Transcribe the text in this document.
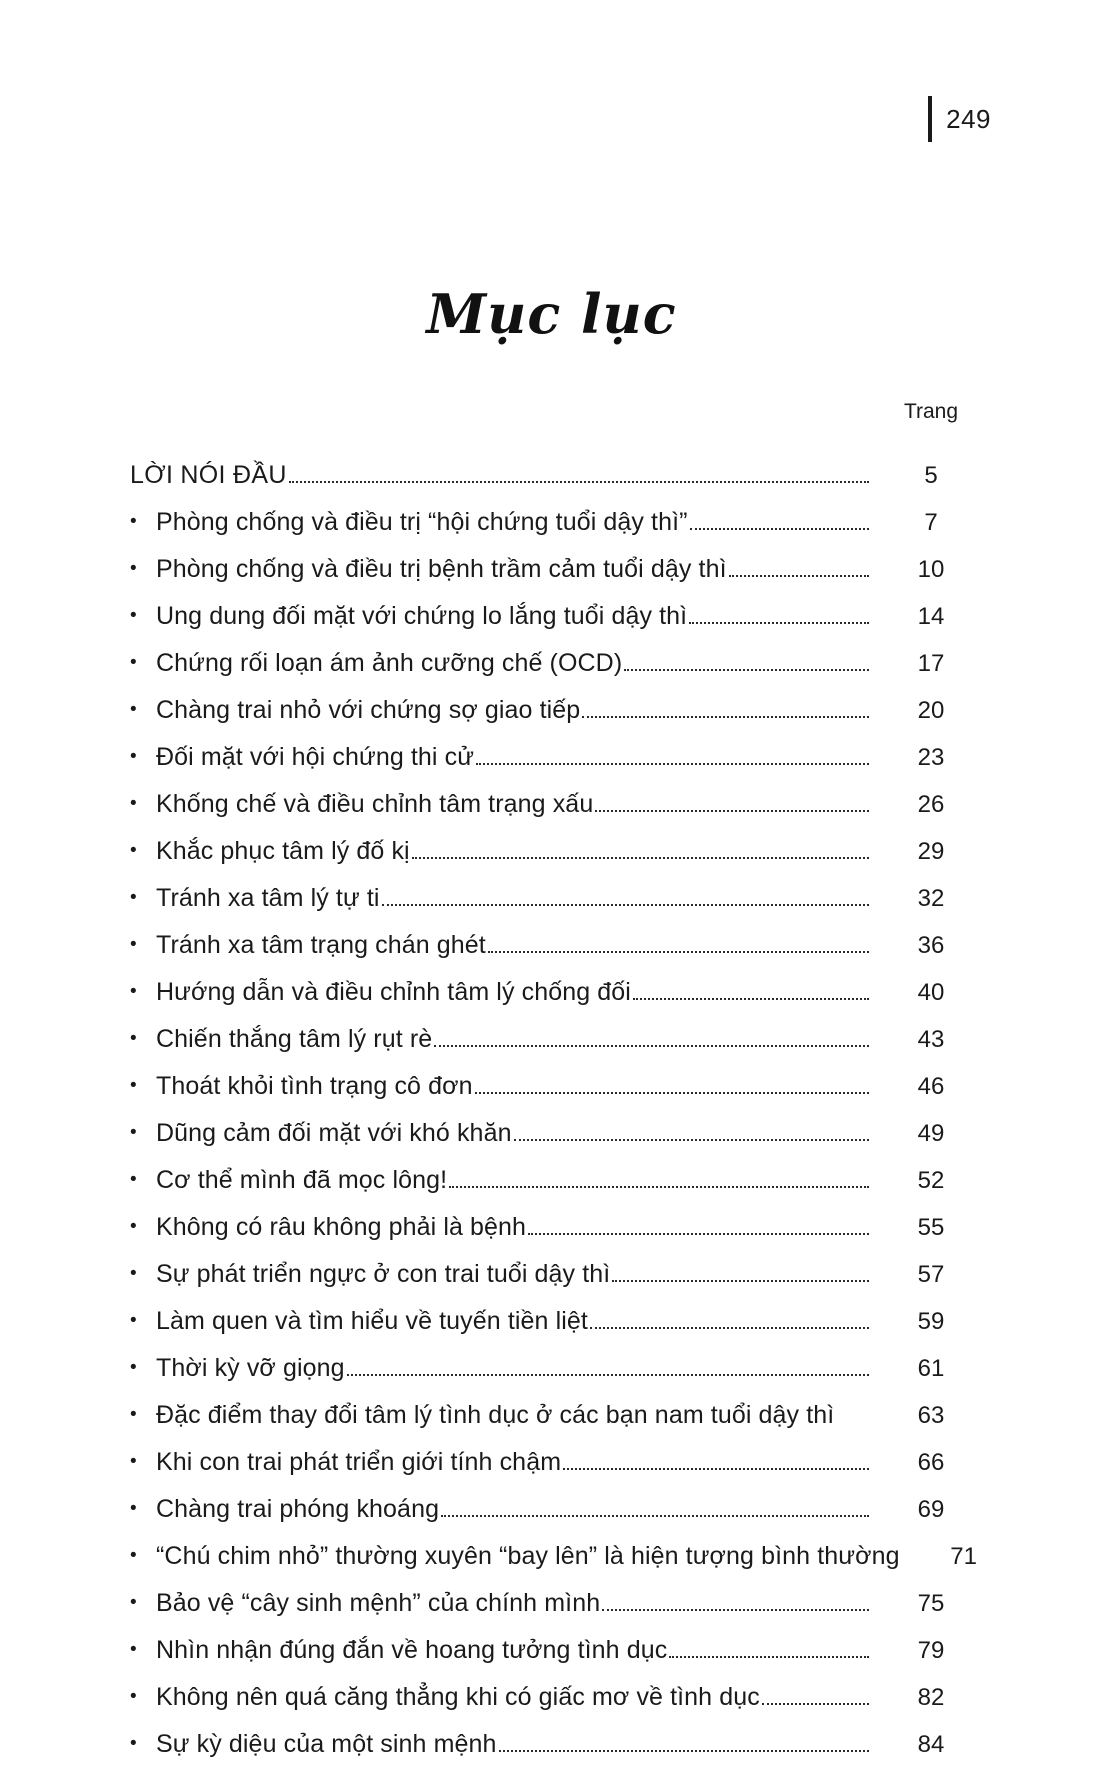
249
Mục lục
Trang
LỜI NÓI ĐẦU	5
• Phòng chống và điều trị “hội chứng tuổi dậy thì”	7
• Phòng chống và điều trị bệnh trầm cảm tuổi dậy thì	10
• Ung dung đối mặt với chứng lo lắng tuổi dậy thì	14
• Chứng rối loạn ám ảnh cưỡng chế (OCD)	17
• Chàng trai nhỏ với chứng sợ giao tiếp	20
• Đối mặt với hội chứng thi cử	23
• Khống chế và điều chỉnh tâm trạng xấu	26
• Khắc phục tâm lý đố kị	29
• Tránh xa tâm lý tự ti	32
• Tránh xa tâm trạng chán ghét	36
• Hướng dẫn và điều chỉnh tâm lý chống đối	40
• Chiến thắng tâm lý rụt rè	43
• Thoát khỏi tình trạng cô đơn	46
• Dũng cảm đối mặt với khó khăn	49
• Cơ thể mình đã mọc lông!	52
• Không có râu không phải là bệnh	55
• Sự phát triển ngực ở con trai tuổi dậy thì	57
• Làm quen và tìm hiểu về tuyến tiền liệt	59
• Thời kỳ vỡ giọng	61
• Đặc điểm thay đổi tâm lý tình dục ở các bạn nam tuổi dậy thì	63
• Khi con trai phát triển giới tính chậm	66
• Chàng trai phóng khoáng	69
• “Chú chim nhỏ” thường xuyên “bay lên” là hiện tượng bình thường	71
• Bảo vệ “cây sinh mệnh” của chính mình	75
• Nhìn nhận đúng đắn về hoang tưởng tình dục	79
• Không nên quá căng thẳng khi có giấc mơ về tình dục	82
• Sự kỳ diệu của một sinh mệnh	84
